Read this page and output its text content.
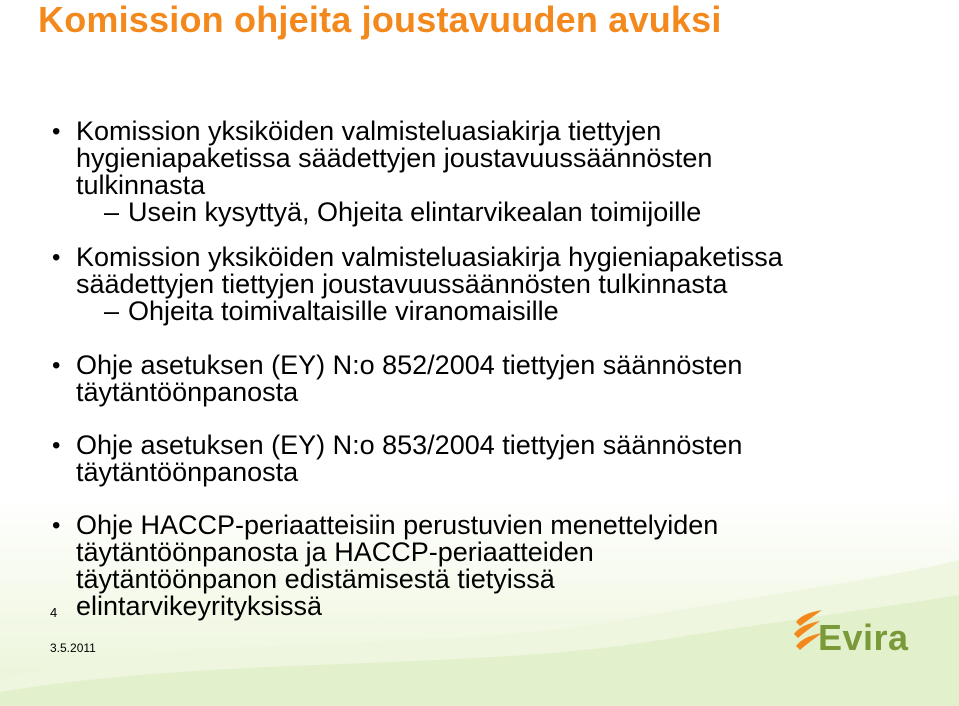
Komission ohjeita joustavuuden avuksi
• Komission yksiköiden valmisteluasiakirja tiettyjen
hygieniapaketissa säädettyjen joustavuussäännösten
tulkinnasta
– Usein kysyttyä, Ohjeita elintarvikealan toimijoille
• Komission yksiköiden valmisteluasiakirja hygieniapaketissa
säädettyjen tiettyjen joustavuussäännösten tulkinnasta
– Ohjeita toimivaltaisille viranomaisille
• Ohje asetuksen (EY) N:o 852/2004 tiettyjen säännösten
täytäntöönpanosta
• Ohje asetuksen (EY) N:o 853/2004 tiettyjen säännösten
täytäntöönpanosta
• Ohje HACCP-periaatteisiin perustuvien menettelyiden
täytäntöönpanosta ja HACCP-periaatteiden
täytäntöönpanon edistämisestä tietyissä
elintarvikeyrityksissä
4
3.5.2011	Evira
